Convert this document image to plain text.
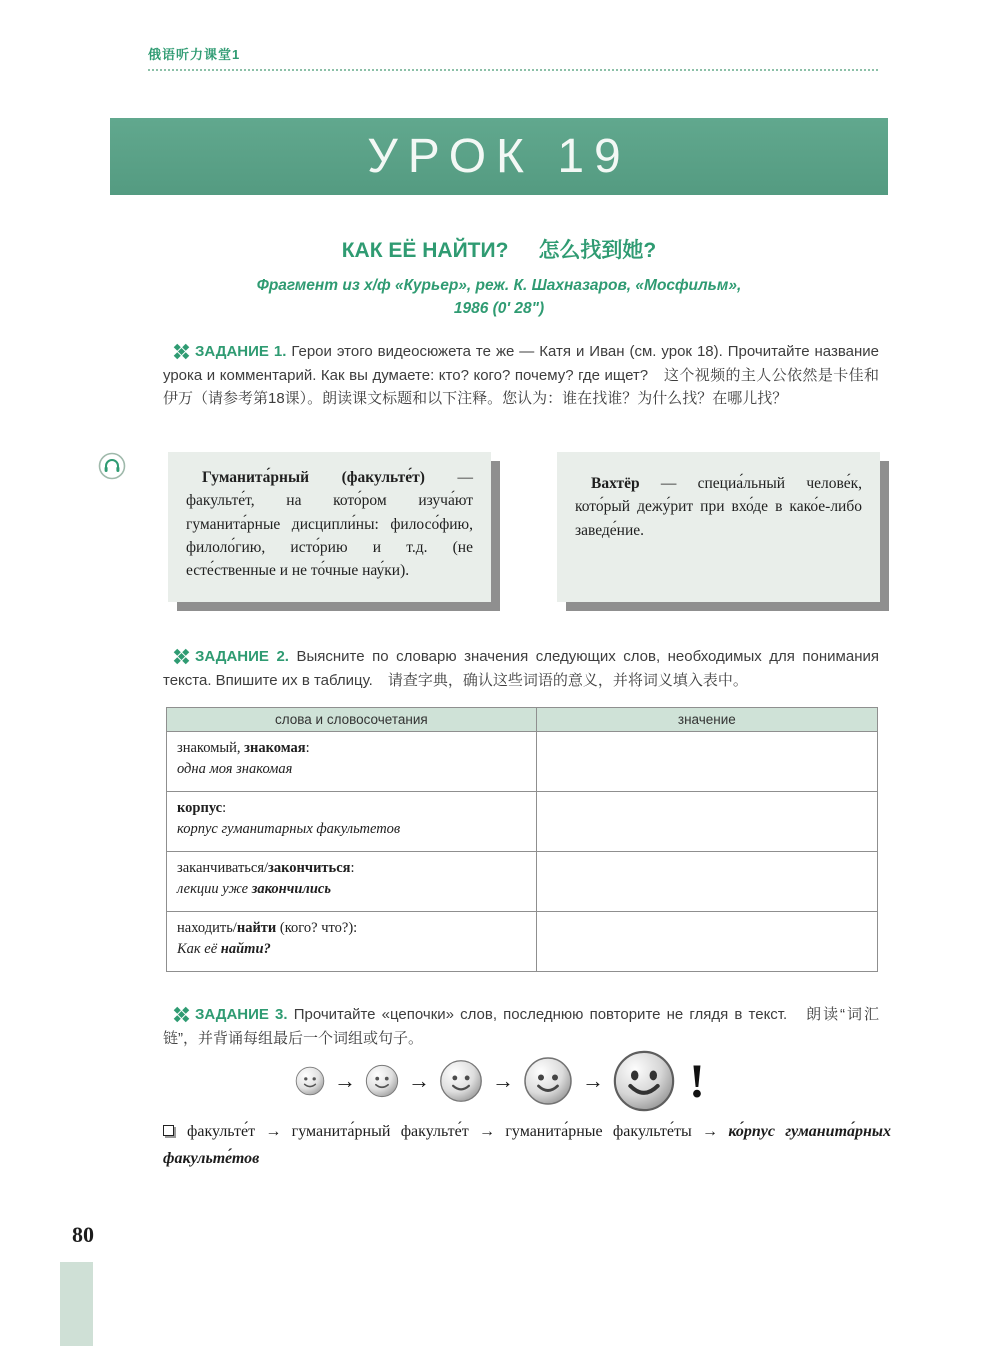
俄语听力课堂1
УРОК 19
КАК ЕЁ НАЙТИ? 怎么找到她?
Фрагмент из х/ф «Курьер», реж. К. Шахназаров, «Мосфильм»,
1986 (0' 28")

ЗАДАНИЕ 1. Герои этого видеосюжета те же — Катя и Иван (см. урок 18). Прочитайте название урока и комментарий. Как вы думаете: кто? кого? почему? где ищет?　这个视频的主人公依然是卡佳和伊万（请参考第18课）。朗读课文标题和以下注释。您认为：谁在找谁？为什么找？在哪儿找？

Гуманита́рный (факульте́т) — факульте́т, на кото́ром изуча́ют гуманита́рные дисципли́ны: филосо́фию, филоло́гию, исто́рию и т.д. (не есте́ственные и не то́чные нау́ки).
Вахтёр — специа́льный челове́к, кото́рый дежу́рит при вхо́де в како́е-либо заведе́ние.

ЗАДАНИЕ 2. Выясните по словарю значения следующих слов, необходимых для понимания текста. Впишите их в таблицу.　请查字典，确认这些词语的意义，并将词义填入表中。

слова и словосочетания	значение

знакомый, знакомая:
одна моя знакомая	

корпус:
корпус гуманитарных факультетов	

заканчиваться/закончиться:
лекции уже закончились	

находить/найти (кого? что?):
Как её найти?	

ЗАДАНИЕ 3. Прочитайте «цепочки» слов, последнюю повторите не глядя в текст.　朗读“词汇链”，并背诵每组最后一个词组或句子。

→ →	→	→ !

факульте́т → гуманита́рный факульте́т → гуманита́рные факульте́ты → ко́рпус гуманита́рных факульте́тов

80
